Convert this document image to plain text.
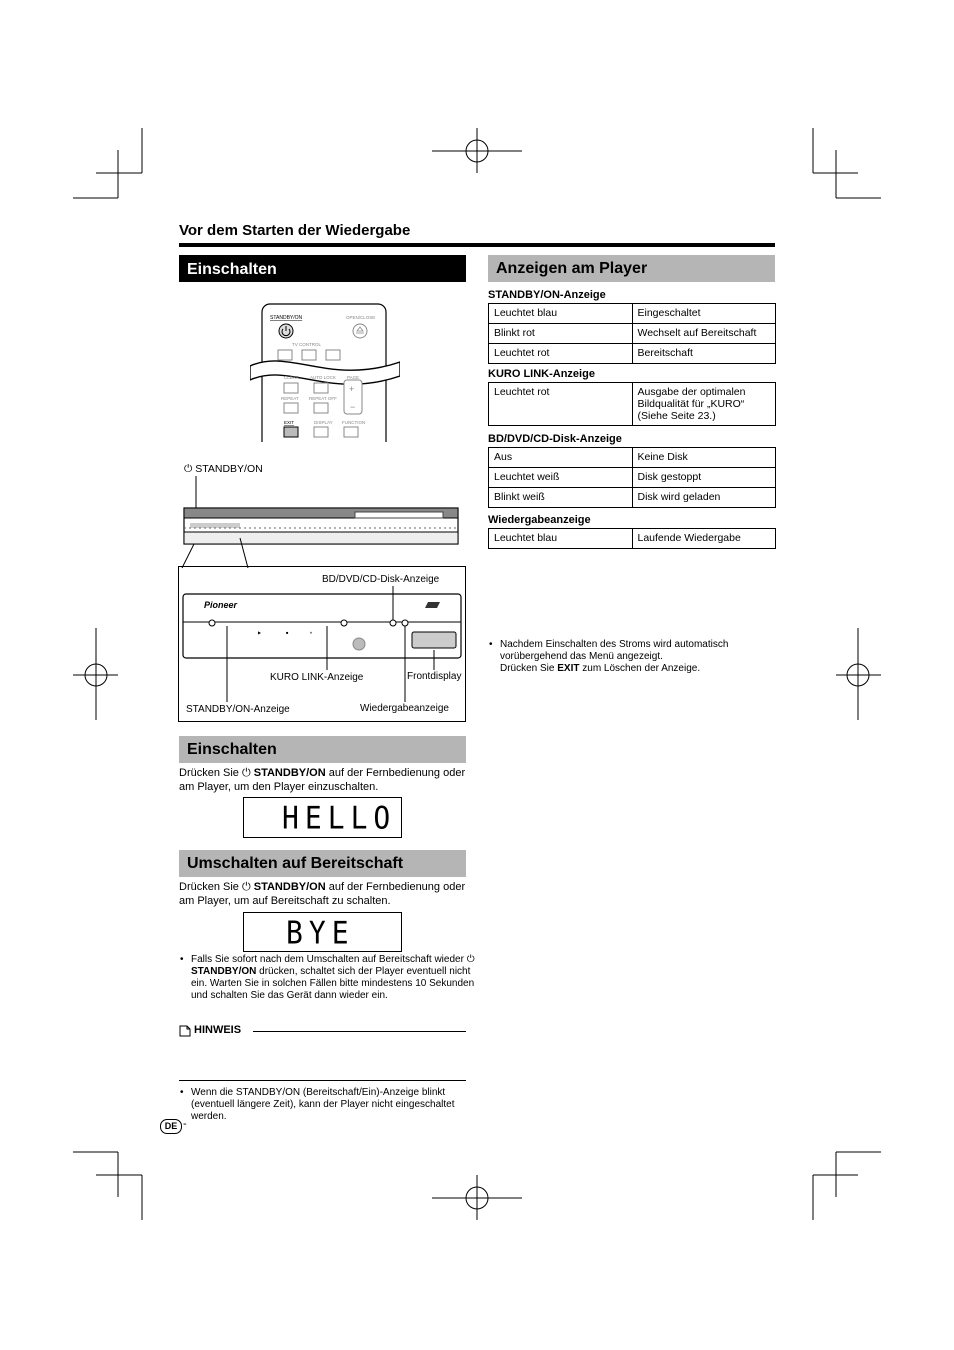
Vor dem Starten der Wiedergabe
Einschalten
STANDBY/ON	OPEN/CLOSE
TV CONTROL
CLEAR AUTO LOCK PAGE
+
−
REPEAT REPEAT OFF
EXIT	DISPLAY FUNCTION
⏻ STANDBY/ON
Pioneer
▶	■	⏸
BD/DVD/CD-Disk-Anzeige
KURO LINK-Anzeige	Frontdisplay
STANDBY/ON-Anzeige	Wiedergabeanzeige
Einschalten
Drücken Sie ⏻ STANDBY/ON auf der Fernbedienung oder am Player, um den Player einzuschalten.
HELLO
Umschalten auf Bereitschaft
Drücken Sie ⏻ STANDBY/ON auf der Fernbedienung oder am Player, um auf Bereitschaft zu schalten.
BYE
• Falls Sie sofort nach dem Umschalten auf Bereitschaft wieder ⏻ STANDBY/ON drücken, schaltet sich der Player eventuell nicht ein. Warten Sie in solchen Fällen bitte mindestens 10 Sekunden und schalten Sie das Gerät dann wieder ein.
HINWEIS
• Wenn die STANDBY/ON (Bereitschaft/Ein)-Anzeige blinkt (eventuell längere Zeit), kann der Player nicht eingeschaltet werden.
Anzeigen am Player
STANDBY/ON-Anzeige
Leuchtet blau	Eingeschaltet
Blinkt rot	Wechselt auf Bereitschaft
Leuchtet rot	Bereitschaft
KURO LINK-Anzeige
Leuchtet rot	Ausgabe der optimalen Bildqualität für „KURO“ (Siehe Seite 23.)
BD/DVD/CD-Disk-Anzeige
Aus	Keine Disk
Leuchtet weiß	Disk gestoppt
Blinkt weiß	Disk wird geladen
Wiedergabeanzeige
Leuchtet blau	Laufende Wiedergabe
• Nachdem Einschalten des Stroms wird automatisch vorübergehend das Menü angezeigt.
Drücken Sie EXIT zum Löschen der Anzeige.
DE -
